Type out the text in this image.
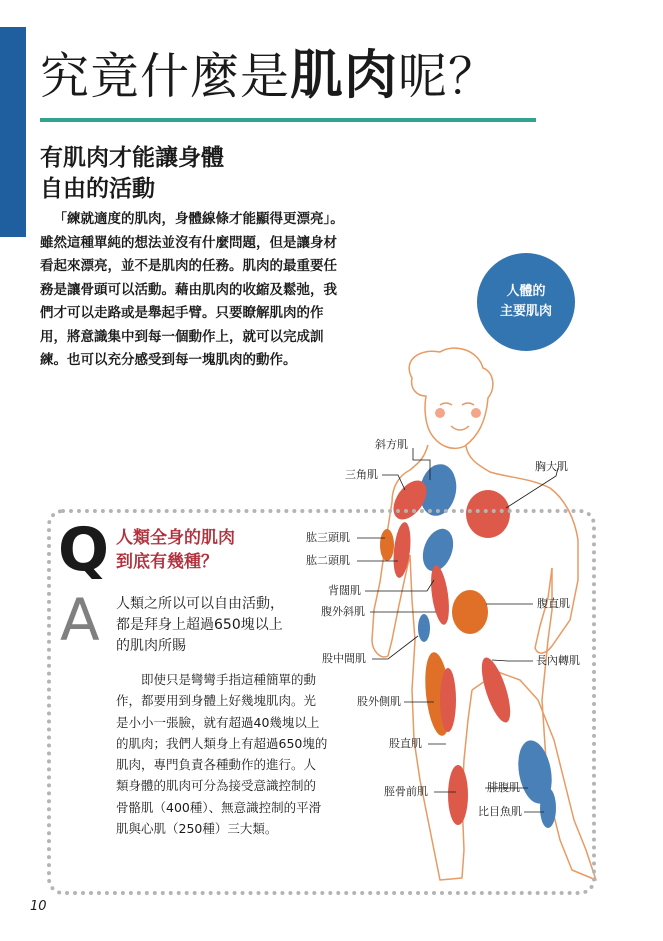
究竟什麼是肌肉呢？
有肌肉才能讓身體
自由的活動

「練就適度的肌肉，身體線條才能顯得更漂亮」。雖然這種單純的想法並沒有什麼問題，但是讓身材看起來漂亮，並不是肌肉的任務。肌肉的最重要任務是讓骨頭可以活動。藉由肌肉的收縮及鬆弛，我們才可以走路或是舉起手臂。只要瞭解肌肉的作用，將意識集中到每一個動作上，就可以完成訓練。也可以充分感受到每一塊肌肉的動作。

人體的
主要肌肉
斜方肌
三角肌
胸大肌
肱三頭肌
肱二頭肌
背闊肌
腹外斜肌
腹直肌
股中間肌	長內轉肌
股外側肌
股直肌
脛骨前肌	腓腹肌
比目魚肌
Q 人類全身的肌肉
到底有幾種？
A 人類之所以可以自由活動，
都是拜身上超過650塊以上
的肌肉所賜

即使只是彎彎手指這種簡單的動作，都要用到身體上好幾塊肌肉。光是小小一張臉，就有超過40幾塊以上的肌肉；我們人類身上有超過650塊的肌肉，專門負責各種動作的進行。人類身體的肌肉可分為接受意識控制的骨骼肌（400種）、無意識控制的平滑肌與心肌（250種）三大類。

10
